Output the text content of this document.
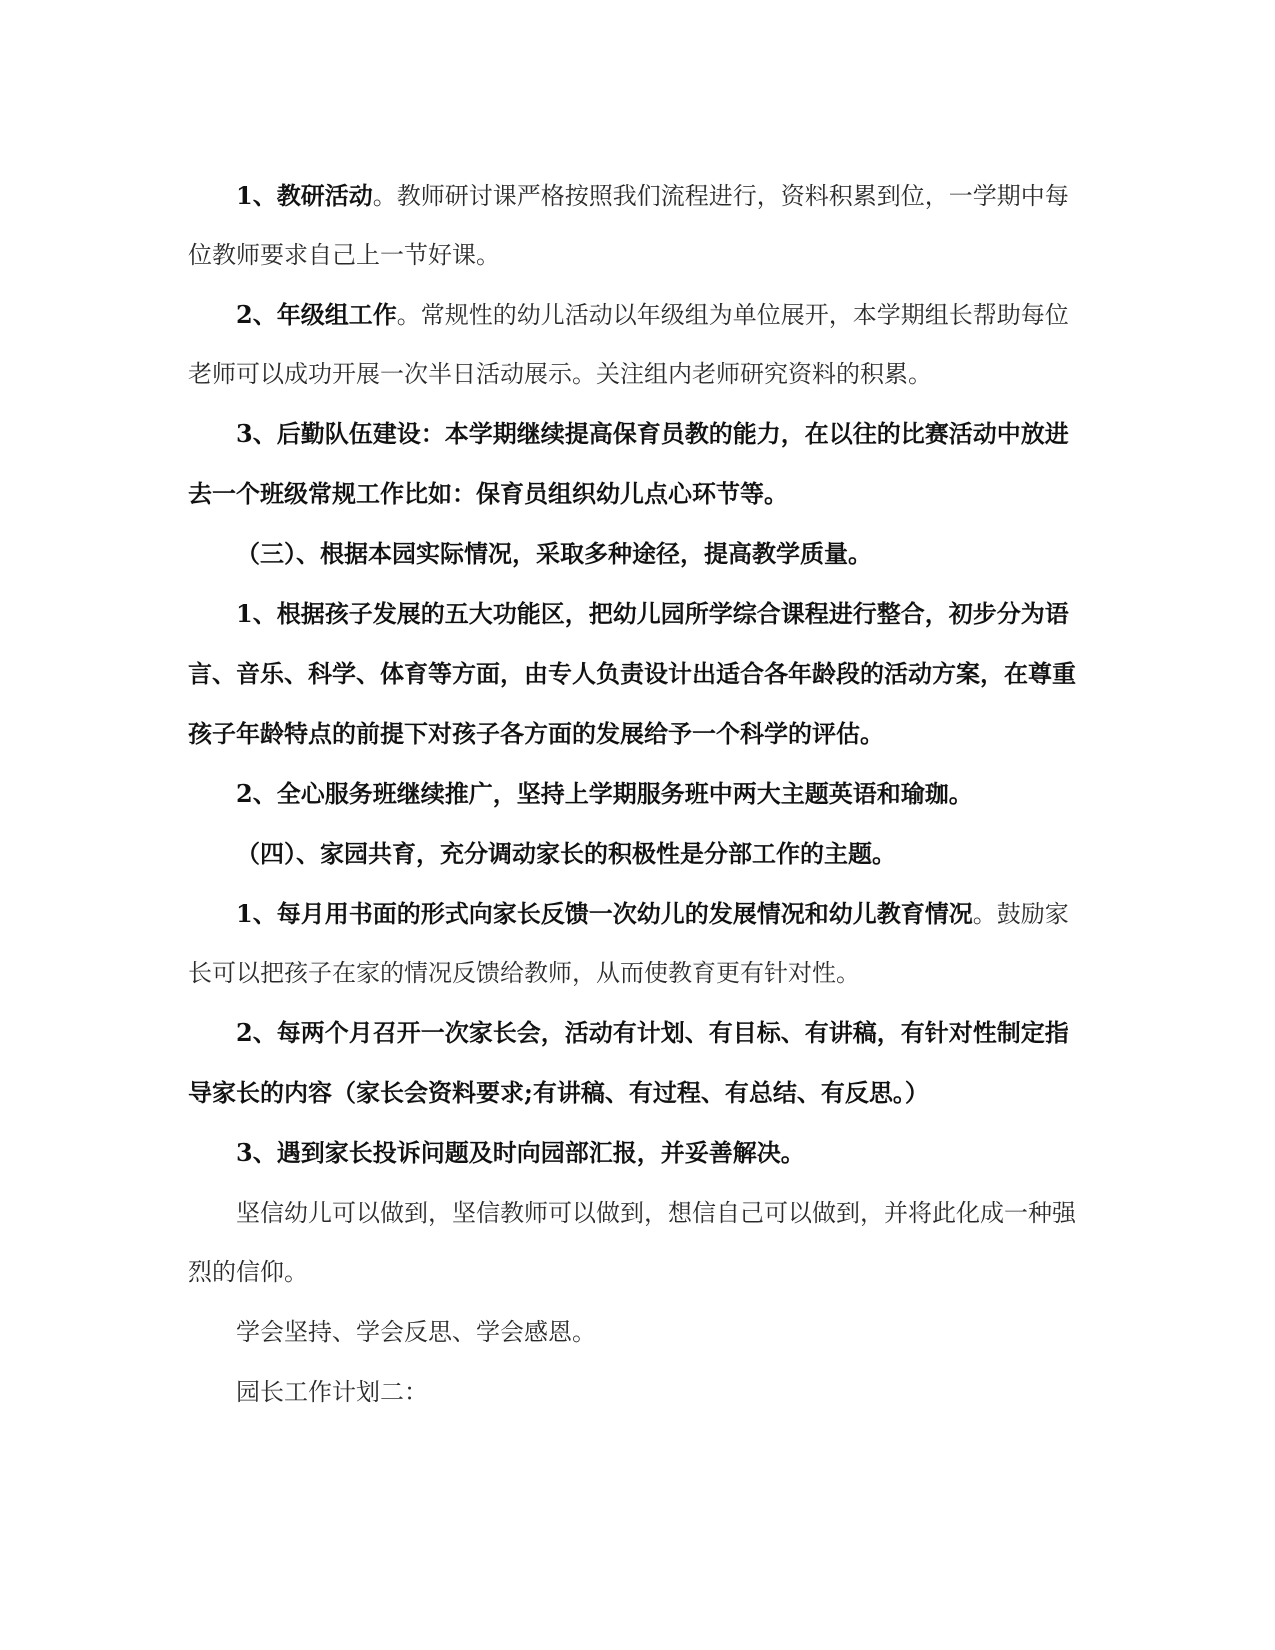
1、教研活动。教师研讨课严格按照我们流程进行，资料积累到位，一学期中每位教师要求自己上一节好课。

2、年级组工作。常规性的幼儿活动以年级组为单位展开，本学期组长帮助每位老师可以成功开展一次半日活动展示。关注组内老师研究资料的积累。

3、后勤队伍建设：本学期继续提高保育员教的能力，在以往的比赛活动中放进去一个班级常规工作比如：保育员组织幼儿点心环节等。

（三）、根据本园实际情况，采取多种途径，提高教学质量。

1、根据孩子发展的五大功能区，把幼儿园所学综合课程进行整合，初步分为语言、音乐、科学、体育等方面，由专人负责设计出适合各年龄段的活动方案，在尊重孩子年龄特点的前提下对孩子各方面的发展给予一个科学的评估。

2、全心服务班继续推广，坚持上学期服务班中两大主题英语和瑜珈。

（四）、家园共育，充分调动家长的积极性是分部工作的主题。

1、每月用书面的形式向家长反馈一次幼儿的发展情况和幼儿教育情况。鼓励家长可以把孩子在家的情况反馈给教师，从而使教育更有针对性。

2、每两个月召开一次家长会，活动有计划、有目标、有讲稿，有针对性制定指导家长的内容（家长会资料要求;有讲稿、有过程、有总结、有反思。）

3、遇到家长投诉问题及时向园部汇报，并妥善解决。

坚信幼儿可以做到，坚信教师可以做到，想信自己可以做到，并将此化成一种强烈的信仰。

学会坚持、学会反思、学会感恩。

园长工作计划二：
